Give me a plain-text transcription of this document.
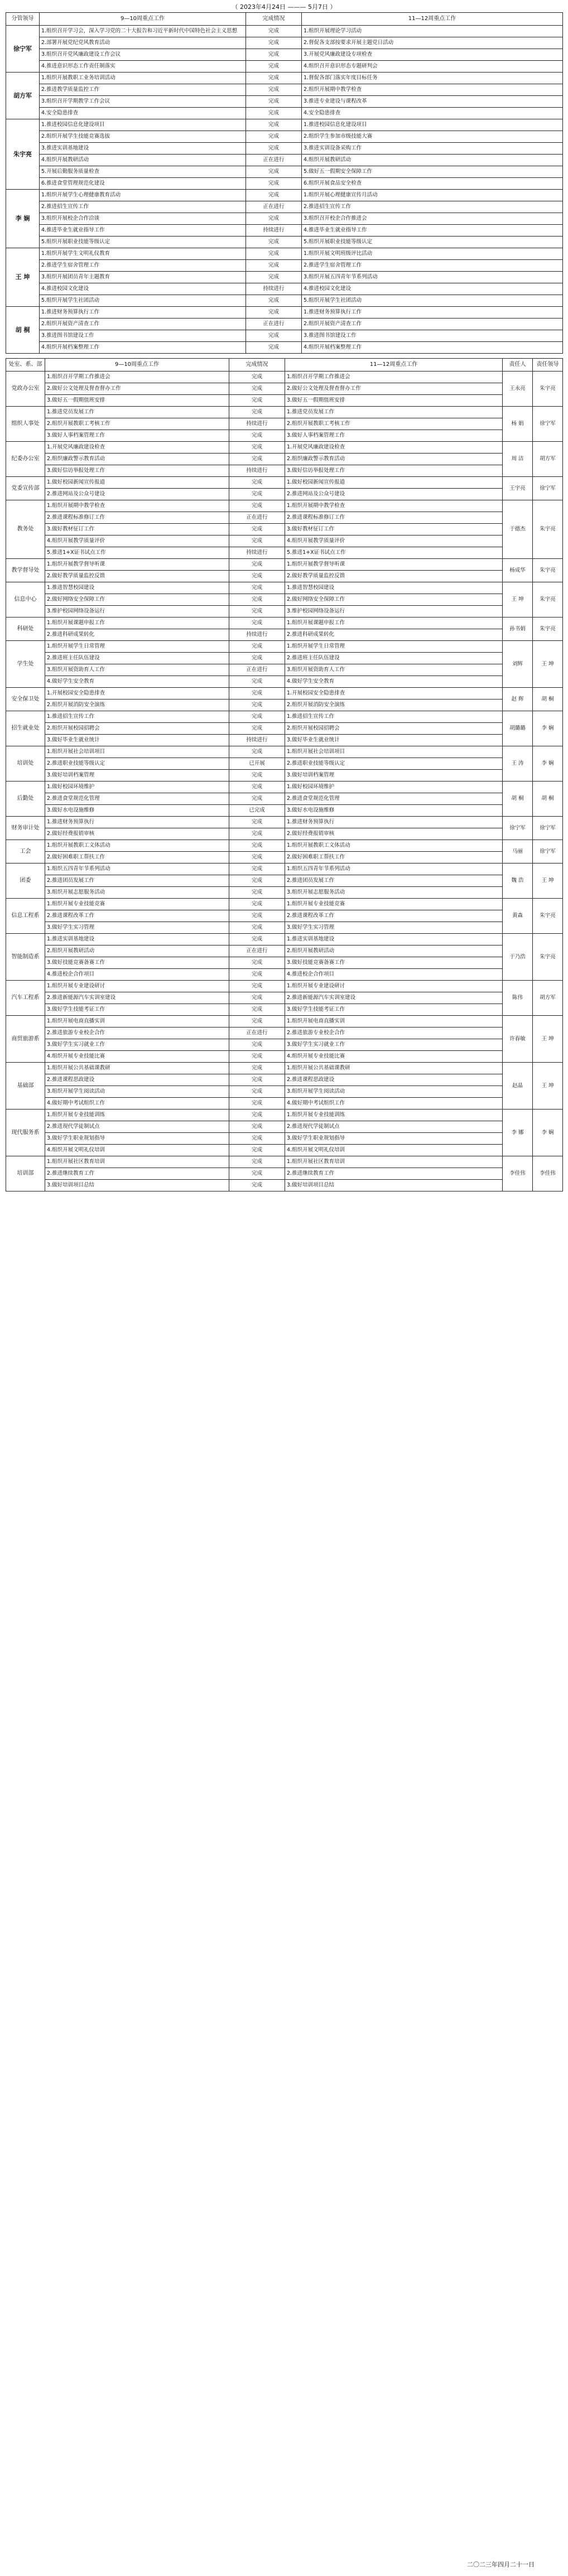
（ 2023年4月24日 ——— 5月7日 ）
分管领导	9—10周重点工作	完成情况	11—12周重点工作
徐宁军	1.组织召开学习会，深入学习党的二十大报告和习近平新时代中国特色社会主义思想	完成	1.组织开展理论学习活动
	2.部署开展党纪党风教育活动	完成	2.督促各支部按要求开展主题党日活动
	3.组织召开党风廉政建设工作会议	完成	3.开展党风廉政建设专项检查
	4.推进意识形态工作责任制落实	完成	4.组织召开意识形态专题研判会
胡方军	1.组织开展教职工业务培训活动	完成	1.督促各部门落实年度目标任务
	2.推进教学质量监控工作	完成	2.组织开展期中教学检查
	3.组织召开学期教学工作会议	完成	3.推进专业建设与课程改革
	4.安全隐患排查	完成	4.安全隐患排查
朱宇亮	1.推进校园信息化建设项目	完成	1.推进校园信息化建设项目
	2.组织开展学生技能竞赛选拔	完成	2.组织学生参加市级技能大赛
	3.推进实训基地建设	完成	3.推进实训设备采购工作
	4.组织开展教研活动	正在进行	4.组织开展教研活动
	5.开展后勤服务质量检查	完成	5.做好五一假期安全保障工作
	6.推进食堂管理规范化建设	完成	6.组织开展食品安全检查
李 娴	1.组织开展学生心理健康教育活动	完成	1.组织开展心理健康宣传月活动
	2.推进招生宣传工作	正在进行	2.推进招生宣传工作
	3.组织开展校企合作洽谈	完成	3.组织召开校企合作推进会
	4.推进毕业生就业指导工作	持续进行	4.推进毕业生就业指导工作
	5.组织开展职业技能等级认定	完成	5.组织开展职业技能等级认定
王 坤	1.组织开展学生文明礼仪教育	完成	1.组织开展文明班级评比活动
	2.推进学生宿舍管理工作	完成	2.推进学生宿舍管理工作
	3.组织开展团员青年主题教育	完成	3.组织开展五四青年节系列活动
	4.推进校园文化建设	持续进行	4.推进校园文化建设
	5.组织开展学生社团活动	完成	5.组织开展学生社团活动
胡 桐	1.推进财务预算执行工作	完成	1.推进财务预算执行工作
	2.组织开展资产清查工作	正在进行	2.组织开展资产清查工作
	3.推进图书馆建设工作	完成	3.推进图书馆建设工作
	4.组织开展档案整理工作	完成	4.组织开展档案整理工作
处室、系、部	9—10周重点工作	完成情况	11—12周重点工作	责任人	责任领导
党政办公室	1.组织召开学期工作推进会	完成	1.组织召开学期工作推进会	王永亮	朱宇亮
	2.做好公文处理及督查督办工作	完成	2.做好公文处理及督查督办工作		
	3.做好五一假期值班安排	完成	3.做好五一假期值班安排		
组织人事处	1.推进党员发展工作	完成	1.推进党员发展工作	杨 娟	徐宁军
	2.组织开展教职工考核工作	持续进行	2.组织开展教职工考核工作		
	3.做好人事档案管理工作	完成	3.做好人事档案管理工作		
纪委办公室	1.开展党风廉政建设检查	完成	1.开展党风廉政建设检查	周 洁	胡方军
	2.组织廉政警示教育活动	完成	2.组织廉政警示教育活动		
	3.做好信访举报处理工作	持续进行	3.做好信访举报处理工作		
党委宣传部	1.做好校园新闻宣传报道	完成	1.做好校园新闻宣传报道	王宇亮	徐宁军
	2.推进网站及公众号建设	完成	2.推进网站及公众号建设		
教务处	1.组织开展期中教学检查	完成	1.组织开展期中教学检查	于德杰	朱宇亮
	2.推进课程标准修订工作	正在进行	2.推进课程标准修订工作		
	3.做好教材征订工作	完成	3.做好教材征订工作		
	4.组织开展教学质量评价	完成	4.组织开展教学质量评价		
	5.推进1+X证书试点工作	持续进行	5.推进1+X证书试点工作		
教学督导处	1.组织开展教学督导听课	完成	1.组织开展教学督导听课	杨成华	朱宇亮
	2.做好教学质量监控反馈	完成	2.做好教学质量监控反馈		
信息中心	1.推进智慧校园建设	完成	1.推进智慧校园建设	王 坤	朱宇亮
	2.做好网络安全保障工作	完成	2.做好网络安全保障工作		
	3.维护校园网络设备运行	完成	3.维护校园网络设备运行		
科研处	1.组织开展课题申报工作	完成	1.组织开展课题申报工作	孙书娟	朱宇亮
	2.推进科研成果转化	持续进行	2.推进科研成果转化		
学生处	1.组织开展学生日常管理	完成	1.组织开展学生日常管理	刘辉	王 坤
	2.推进班主任队伍建设	完成	2.推进班主任队伍建设		
	3.组织开展资助育人工作	正在进行	3.组织开展资助育人工作		
	4.做好学生安全教育	完成	4.做好学生安全教育		
安全保卫处	1.开展校园安全隐患排查	完成	1.开展校园安全隐患排查	赵 辉	胡 桐
	2.组织开展消防安全演练	完成	2.组织开展消防安全演练		
招生就业处	1.推进招生宣传工作	完成	1.推进招生宣传工作	胡璐璐	李 娴
	2.组织开展校园招聘会	完成	2.组织开展校园招聘会		
	3.做好毕业生就业统计	持续进行	3.做好毕业生就业统计		
培训处	1.组织开展社会培训项目	完成	1.组织开展社会培训项目	王 涛	李 娴
	2.推进职业技能等级认定	已开展	2.推进职业技能等级认定		
	3.做好培训档案管理	完成	3.做好培训档案管理		
后勤处	1.做好校园环境维护	完成	1.做好校园环境维护	胡 桐	胡 桐
	2.推进食堂规范化管理	完成	2.推进食堂规范化管理		
	3.做好水电设施维修	已完成	3.做好水电设施维修		
财务审计处	1.推进财务预算执行	完成	1.推进财务预算执行	徐宁军	徐宁军
	2.做好经费报销审核	完成	2.做好经费报销审核		
工会	1.组织开展教职工文体活动	完成	1.组织开展教职工文体活动	马丽	徐宁军
	2.做好困难职工帮扶工作	完成	2.做好困难职工帮扶工作		
团委	1.组织五四青年节系列活动	完成	1.组织五四青年节系列活动	魏 浩	王 坤
	2.推进团员发展工作	完成	2.推进团员发展工作		
	3.组织开展志愿服务活动	完成	3.组织开展志愿服务活动		
信息工程系	1.组织开展专业技能竞赛	完成	1.组织开展专业技能竞赛	黄森	朱宇亮
	2.推进课程改革工作	完成	2.推进课程改革工作		
	3.做好学生实习管理	完成	3.做好学生实习管理		
智能制造系	1.推进实训基地建设	完成	1.推进实训基地建设	于乃浩	朱宇亮
	2.组织开展教研活动	正在进行	2.组织开展教研活动		
	3.做好技能竞赛备赛工作	完成	3.做好技能竞赛备赛工作		
	4.推进校企合作项目	完成	4.推进校企合作项目		
汽车工程系	1.组织开展专业建设研讨	完成	1.组织开展专业建设研讨	陈伟	胡方军
	2.推进新能源汽车实训室建设	完成	2.推进新能源汽车实训室建设		
	3.做好学生技能考证工作	完成	3.做好学生技能考证工作		
商贸旅游系	1.组织开展电商直播实训	完成	1.组织开展电商直播实训	许春敏	王 坤
	2.推进旅游专业校企合作	正在进行	2.推进旅游专业校企合作		
	3.做好学生实习就业工作	完成	3.做好学生实习就业工作		
	4.组织开展专业技能比赛	完成	4.组织开展专业技能比赛		
基础部	1.组织开展公共基础课教研	完成	1.组织开展公共基础课教研	赵晶	王 坤
	2.推进课程思政建设	完成	2.推进课程思政建设		
	3.组织开展学生阅读活动	完成	3.组织开展学生阅读活动		
	4.做好期中考试组织工作	完成	4.做好期中考试组织工作		
现代服务系	1.组织开展专业技能训练	完成	1.组织开展专业技能训练	李 娜	李 娴
	2.推进现代学徒制试点	完成	2.推进现代学徒制试点		
	3.做好学生职业规划指导	完成	3.做好学生职业规划指导		
	4.组织开展文明礼仪培训	完成	4.组织开展文明礼仪培训		
培训部	1.组织开展社区教育培训	完成	1.组织开展社区教育培训	李佳伟	李佳伟
	2.推进继续教育工作	完成	2.推进继续教育工作		
	3.做好培训项目总结	完成	3.做好培训项目总结		
二〇二三年四月二十一日
